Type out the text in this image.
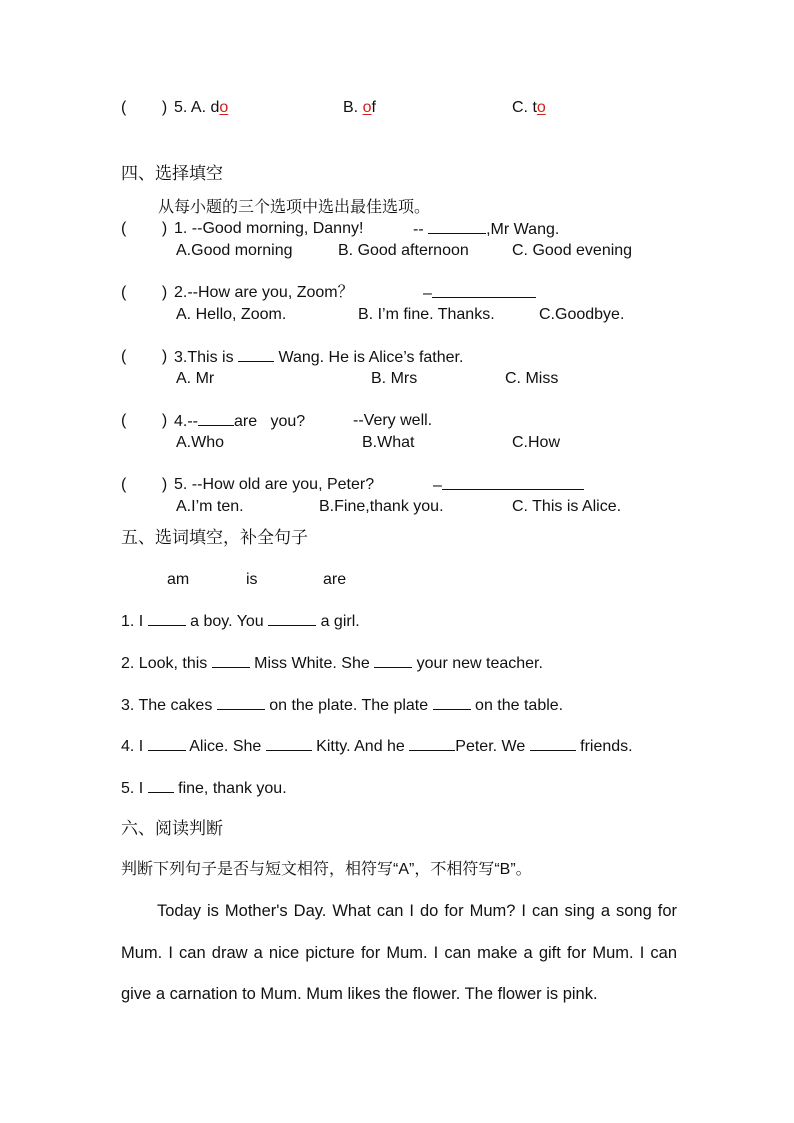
(        ) 5. A. do	B. of	C. to
四、选择填空
从每小题的三个选项中选出最佳选项。
(        ) 1. --Good morning, Danny!	--	,Mr Wang.
A.Good morning	B. Good afternoon	C. Good evening
(        ) 2.--How are you, Zoom？	–
A. Hello, Zoom.	B. I’m fine. Thanks.	C.Goodbye.
(        ) 3.This is  Wang. He is Alice’s father.
A. Mr	B. Mrs	C. Miss
(        ) 4.-- are   you?	--Very well.
A.Who	B.What	C.How
(        ) 5. --How old are you, Peter?	–
A.I’m ten.	B.Fine,thank you.	C. This is Alice.
五、选词填空，补全句子
am	is	are
1. I  a boy. You	a girl.
2. Look, this  Miss White. She  your new teacher.
3. The cakes	on the plate. The plate  on the table.
4. I  Alice. She	Kitty. And he	Peter. We	friends.
5. I  fine, thank you.
六、阅读判断
判断下列句子是否与短文相符，相符写“A”，不相符写“B”。
Today is Mother's Day. What can I do for Mum? I can sing a song for Mum. I can draw a nice picture for Mum. I can make a gift for Mum. I can give a carnation to Mum. Mum likes the flower. The flower is pink.
